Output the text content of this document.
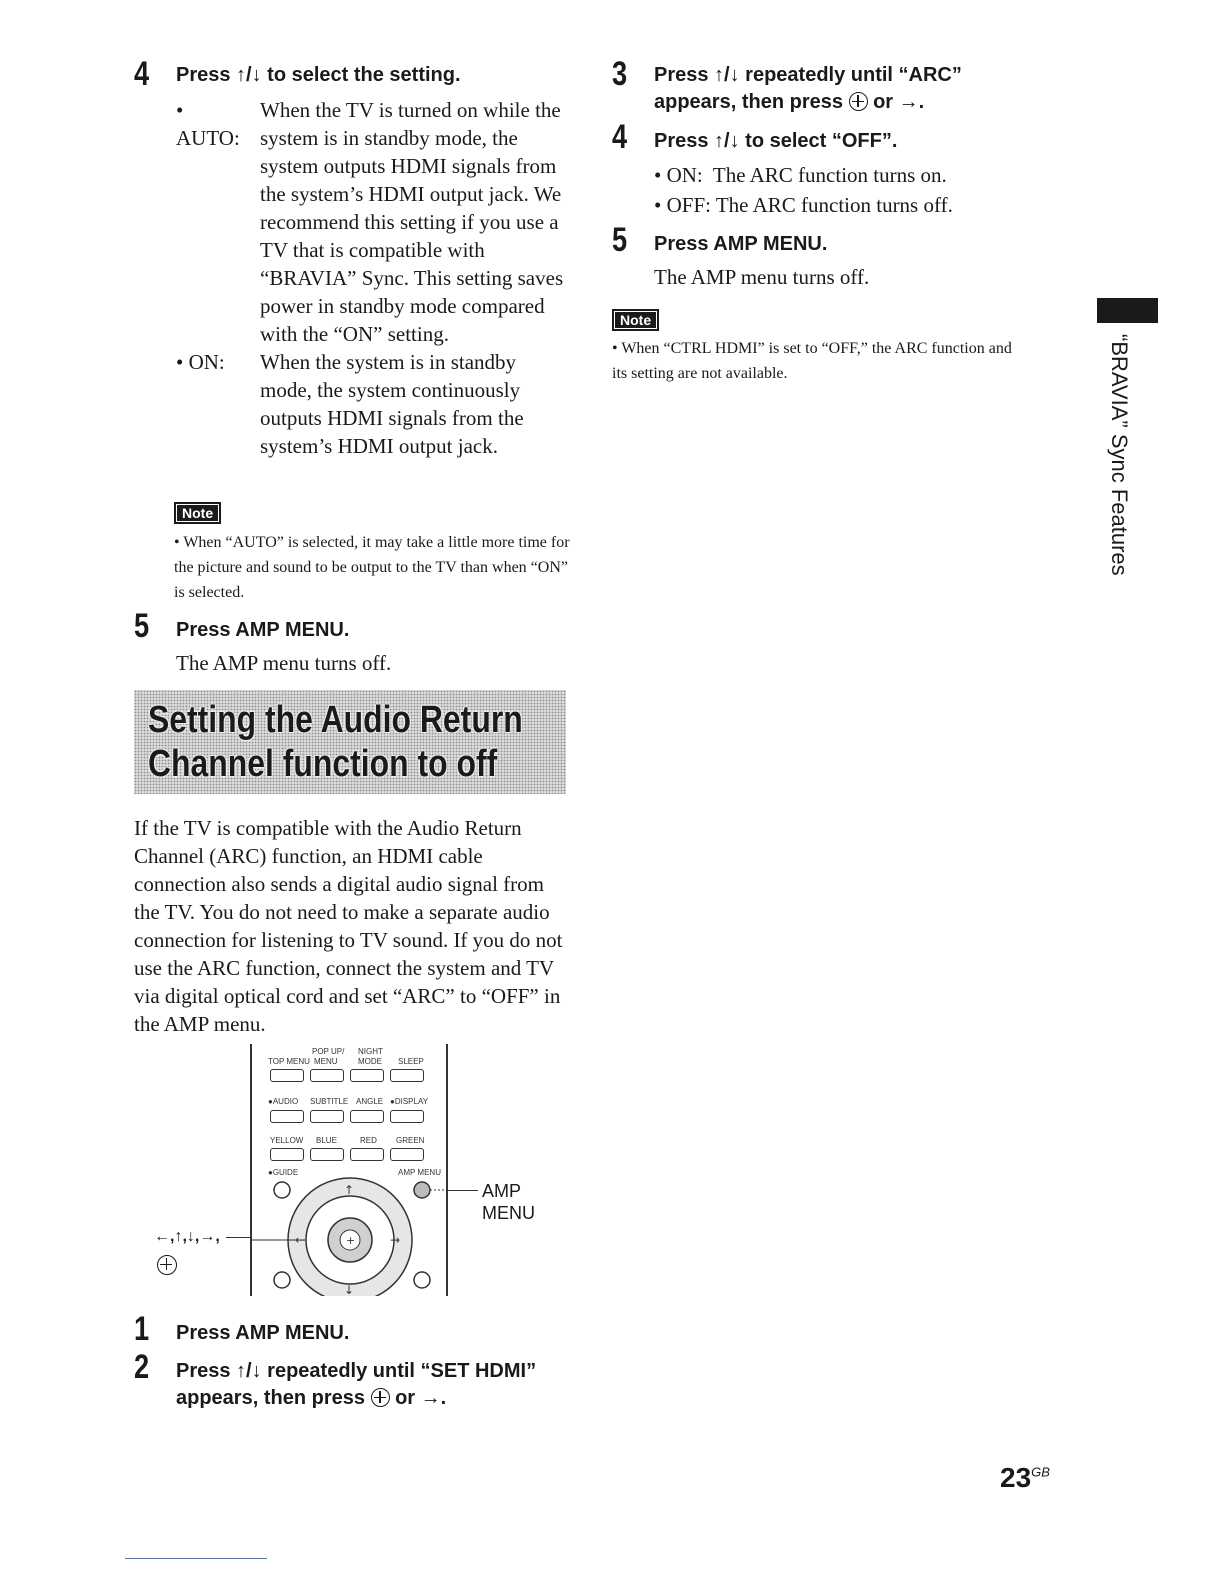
4 Press ↑/↓ to select the setting.
• AUTO:
When the TV is turned on while the system is in standby mode, the system outputs HDMI signals from the system’s HDMI output jack. We recommend this setting if you use a TV that is compatible with “BRAVIA” Sync. This setting saves power in standby mode compared with the “ON” setting.
• ON:	When the system is in standby mode, the system continuously outputs HDMI signals from the system’s HDMI output jack.
Note
• When “AUTO” is selected, it may take a little more time for the picture and sound to be output to the TV than when “ON” is selected.
5 Press AMP MENU.
The AMP menu turns off.
Setting the Audio Return
Channel function to off
If the TV is compatible with the Audio Return Channel (ARC) function, an HDMI cable connection also sends a digital audio signal from the TV. You do not need to make a separate audio connection for listening to TV sound. If you do not use the ARC function, connect the system and TV via digital optical cord and set “ARC” to “OFF” in the AMP menu.
POP UP/ NIGHT
TOP MENU MENU	MODE SLEEP
●AUDIO SUBTITLE ANGLE ●DISPLAY
YELLOW BLUE	RED GREEN
●GUIDE	AMP MENU
+
↑
↓
←	→
AMP
MENU
←,↑,↓,→,
1 Press AMP MENU.
2 Press ↑/↓ repeatedly until “SET HDMI”
appears, then press or →.
3 Press ↑/↓ repeatedly until “ARC”
appears, then press or →.
4 Press ↑/↓ to select “OFF”.
• ON:  The ARC function turns on.
• OFF: The ARC function turns off.
5 Press AMP MENU.
The AMP menu turns off.
Note
• When “CTRL HDMI” is set to “OFF,” the ARC function and its setting are not available.	“BRAVIA” Sync Features
$23^{GB}$
